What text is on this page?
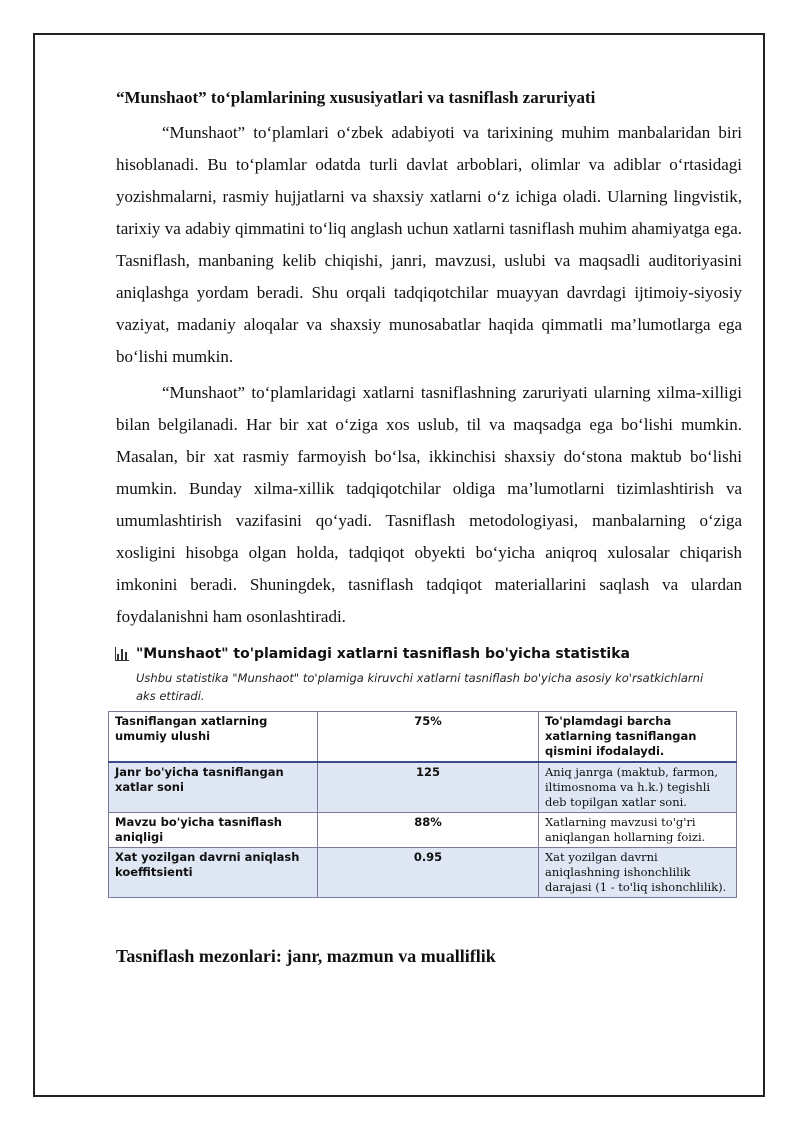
“Munshaot” to‘plamlarining xususiyatlari va tasniflash zaruriyati

“Munshaot” to‘plamlari o‘zbek adabiyoti va tarixining muhim manbalaridan biri hisoblanadi. Bu to‘plamlar odatda turli davlat arboblari, olimlar va adiblar o‘rtasidagi yozishmalarni, rasmiy hujjatlarni va shaxsiy xatlarni o‘z ichiga oladi. Ularning lingvistik, tarixiy va adabiy qimmatini to‘liq anglash uchun xatlarni tasniflash muhim ahamiyatga ega. Tasniflash, manbaning kelib chiqishi, janri, mavzusi, uslubi va maqsadli auditoriyasini aniqlashga yordam beradi. Shu orqali tadqiqotchilar muayyan davrdagi ijtimoiy-siyosiy vaziyat, madaniy aloqalar va shaxsiy munosabatlar haqida qimmatli ma’lumotlarga ega bo‘lishi mumkin.

“Munshaot” to‘plamlaridagi xatlarni tasniflashning zaruriyati ularning xilma-xilligi bilan belgilanadi. Har bir xat o‘ziga xos uslub, til va maqsadga ega bo‘lishi mumkin. Masalan, bir xat rasmiy farmoyish bo‘lsa, ikkinchisi shaxsiy do‘stona maktub bo‘lishi mumkin. Bunday xilma-xillik tadqiqotchilar oldiga ma’lumotlarni tizimlashtirish va umumlashtirish vazifasini qo‘yadi. Tasniflash metodologiyasi, manbalarning o‘ziga xosligini hisobga olgan holda, tadqiqot obyekti bo‘yicha aniqroq xulosalar chiqarish imkonini beradi. Shuningdek, tasniflash tadqiqot materiallarini saqlash va ulardan foydalanishni ham osonlashtiradi.

"Munshaot" to'plamidagi xatlarni tasniflash bo'yicha statistika
Ushbu statistika "Munshaot" to'plamiga kiruvchi xatlarni tasniflash bo'yicha asosiy ko'rsatkichlarni aks ettiradi.
Tasniflangan xatlarning umumiy ulushi	75%	To'plamdagi barcha xatlarning tasniflangan qismini ifodalaydi.
Janr bo'yicha tasniflangan xatlar soni	125	Aniq janrga (maktub, farmon, iltimosnoma va h.k.) tegishli deb topilgan xatlar soni.
Mavzu bo'yicha tasniflash aniqligi	88%	Xatlarning mavzusi to'g'ri aniqlangan hollarning foizi.
Xat yozilgan davrni aniqlash koeffitsienti	0.95	Xat yozilgan davrni aniqlashning ishonchlilik darajasi (1 - to'liq ishonchlilik).
Tasniflash mezonlari: janr, mazmun va mualliflik
